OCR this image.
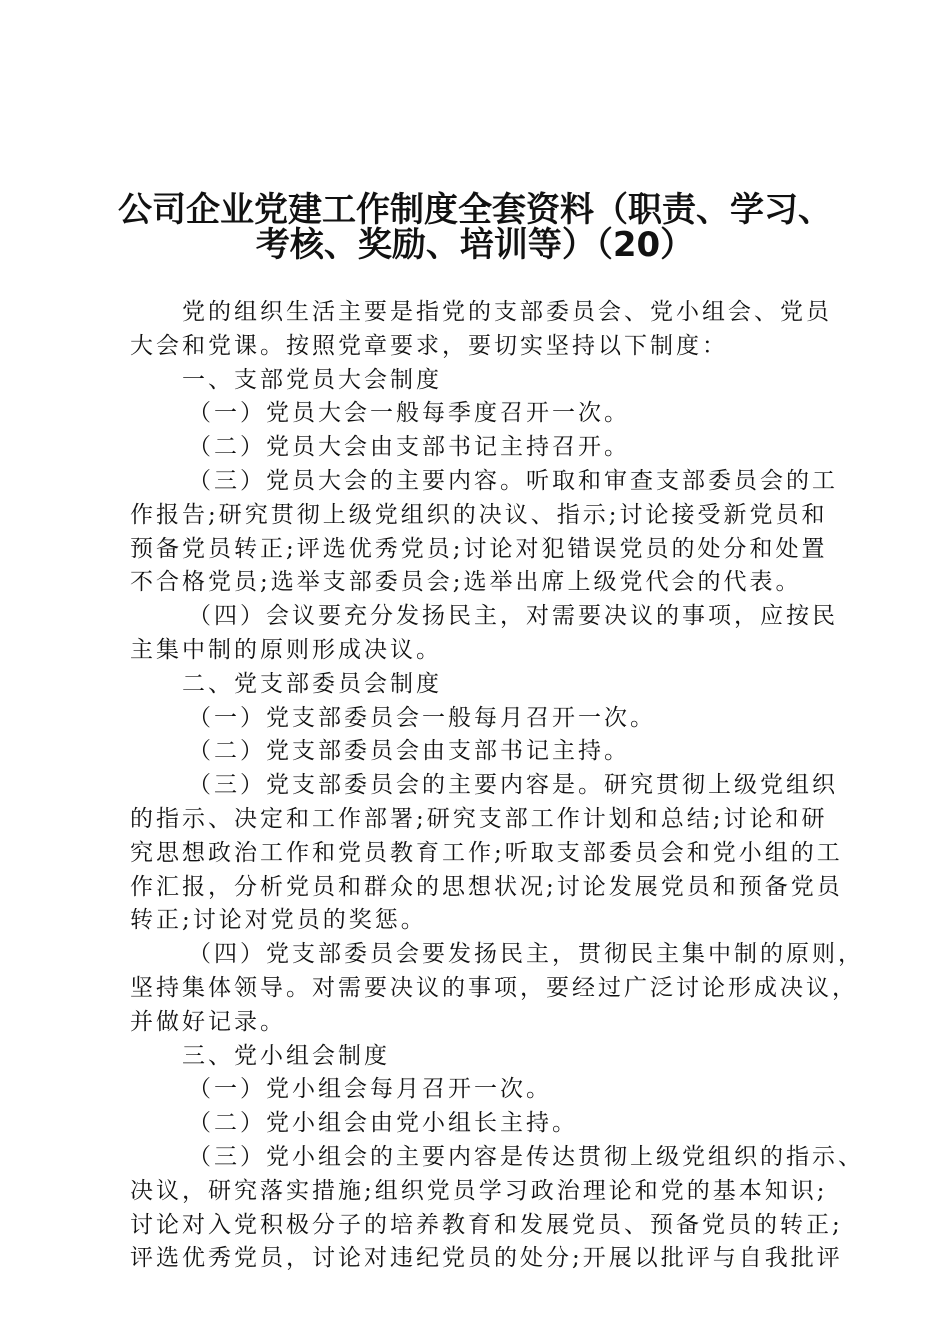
公司企业党建工作制度全套资料（职责、学习、
考核、奖励、培训等）（20）
党的组织生活主要是指党的支部委员会、党小组会、党员
大会和党课。按照党章要求，要切实坚持以下制度：
一、支部党员大会制度
（一）党员大会一般每季度召开一次。
（二）党员大会由支部书记主持召开。
（三）党员大会的主要内容。听取和审查支部委员会的工
作报告;研究贯彻上级党组织的决议、指示;讨论接受新党员和
预备党员转正;评选优秀党员;讨论对犯错误党员的处分和处置
不合格党员;选举支部委员会;选举出席上级党代会的代表。
（四）会议要充分发扬民主，对需要决议的事项，应按民
主集中制的原则形成决议。
二、党支部委员会制度
（一）党支部委员会一般每月召开一次。
（二）党支部委员会由支部书记主持。
（三）党支部委员会的主要内容是。研究贯彻上级党组织
的指示、决定和工作部署;研究支部工作计划和总结;讨论和研
究思想政治工作和党员教育工作;听取支部委员会和党小组的工
作汇报，分析党员和群众的思想状况;讨论发展党员和预备党员
转正;讨论对党员的奖惩。
（四）党支部委员会要发扬民主，贯彻民主集中制的原则，
坚持集体领导。对需要决议的事项，要经过广泛讨论形成决议，
并做好记录。
三、党小组会制度
（一）党小组会每月召开一次。
（二）党小组会由党小组长主持。
（三）党小组会的主要内容是传达贯彻上级党组织的指示、
决议，研究落实措施;组织党员学习政治理论和党的基本知识;
讨论对入党积极分子的培养教育和发展党员、预备党员的转正;
评选优秀党员，讨论对违纪党员的处分;开展以批评与自我批评
